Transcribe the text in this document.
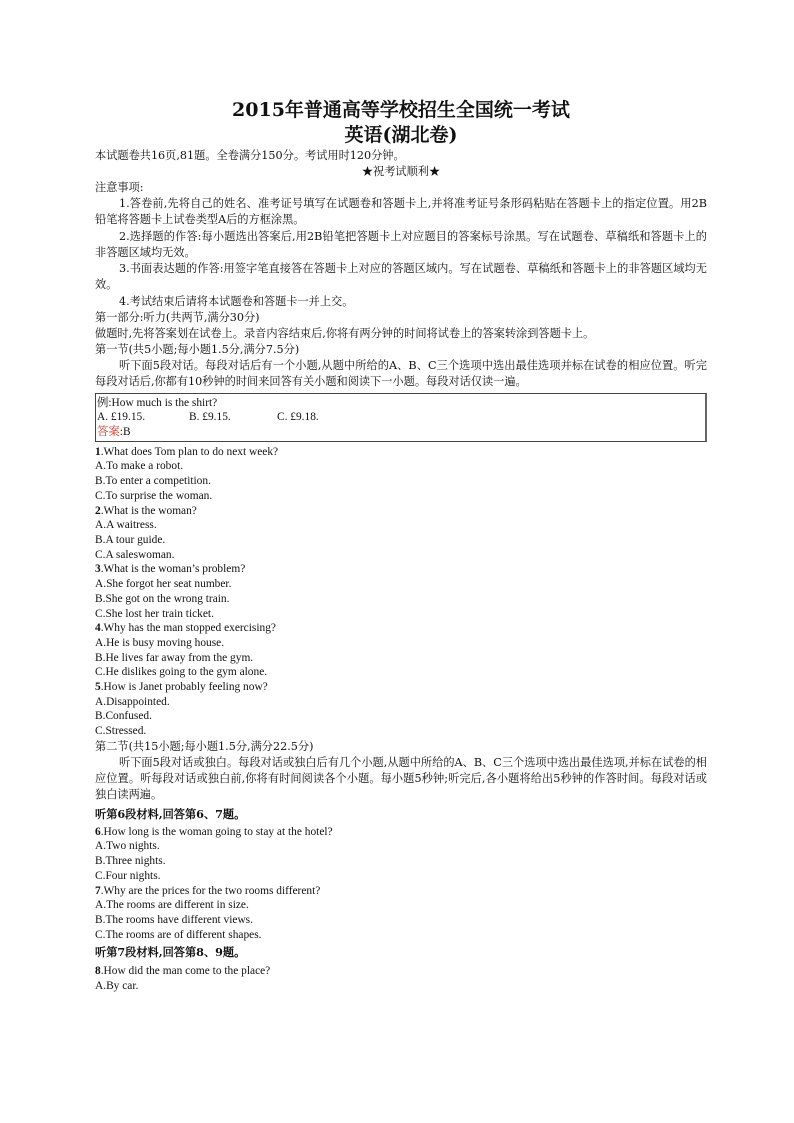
2015年普通高等学校招生全国统一考试
英语(湖北卷)
本试题卷共16页,81题。全卷满分150分。考试用时120分钟。
★祝考试顺利★
注意事项:
1.答卷前,先将自己的姓名、准考证号填写在试题卷和答题卡上,并将准考证号条形码粘贴在答题卡上的指定位置。用2B铅笔将答题卡上试卷类型A后的方框涂黑。
2.选择题的作答:每小题选出答案后,用2B铅笔把答题卡上对应题目的答案标号涂黑。写在试题卷、草稿纸和答题卡上的非答题区域均无效。
3.书面表达题的作答:用签字笔直接答在答题卡上对应的答题区域内。写在试题卷、草稿纸和答题卡上的非答题区域均无效。
4.考试结束后请将本试题卷和答题卡一并上交。
第一部分:听力(共两节,满分30分)
做题时,先将答案划在试卷上。录音内容结束后,你将有两分钟的时间将试卷上的答案转涂到答题卡上。
第一节(共5小题;每小题1.5分,满分7.5分)
听下面5段对话。每段对话后有一个小题,从题中所给的A、B、C三个选项中选出最佳选项并标在试卷的相应位置。听完每段对话后,你都有10秒钟的时间来回答有关小题和阅读下一小题。每段对话仅读一遍。
例:How much is the shirt?
A. £19.15.	B. £9.15.	C. £9.18.
答案:B
1.What does Tom plan to do next week?
A.To make a robot.
B.To enter a competition.
C.To surprise the woman.
2.What is the woman?
A.A waitress.
B.A tour guide.
C.A saleswoman.
3.What is the woman’s problem?
A.She forgot her seat number.
B.She got on the wrong train.
C.She lost her train ticket.
4.Why has the man stopped exercising?
A.He is busy moving house.
B.He lives far away from the gym.
C.He dislikes going to the gym alone.
5.How is Janet probably feeling now?
A.Disappointed.
B.Confused.
C.Stressed.
第二节(共15小题;每小题1.5分,满分22.5分)
听下面5段对话或独白。每段对话或独白后有几个小题,从题中所给的A、B、C三个选项中选出最佳选项,并标在试卷的相应位置。听每段对话或独白前,你将有时间阅读各个小题。每小题5秒钟;听完后,各小题将给出5秒钟的作答时间。每段对话或独白读两遍。
听第6段材料,回答第6、7题。
6.How long is the woman going to stay at the hotel?
A.Two nights.
B.Three nights.
C.Four nights.
7.Why are the prices for the two rooms different?
A.The rooms are different in size.
B.The rooms have different views.
C.The rooms are of different shapes.
听第7段材料,回答第8、9题。
8.How did the man come to the place?
A.By car.
